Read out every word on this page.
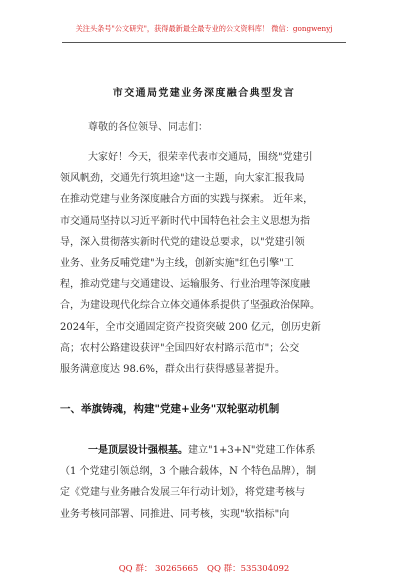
关注头条号"公文研究"，获得最新最全最专业的公文资料库！ 微信：gongwenyj
市交通局党建业务深度融合典型发言
尊敬的各位领导、同志们：
大家好！今天，很荣幸代表市交通局，围绕"党建引
领风帆劲，交通先行筑坦途"这一主题，向大家汇报我局
在推动党建与业务深度融合方面的实践与探索。 近年来，
市交通局坚持以习近平新时代中国特色社会主义思想为指
导，深入贯彻落实新时代党的建设总要求，以"党建引领
业务、业务反哺党建"为主线，创新实施"红色引擎"工
程，推动党建与交通建设、运输服务、行业治理等深度融
合，为建设现代化综合立体交通体系提供了坚强政治保障。
2024年，全市交通固定资产投资突破 200 亿元，创历史新
高；农村公路建设获评"全国四好农村路示范市"；公交
服务满意度达 98.6%，群众出行获得感显著提升。
一、举旗铸魂，构建"党建+业务"双轮驱动机制
一是顶层设计强根基。建立"1+3+N"党建工作体系
（1 个党建引领总纲，3 个融合载体，N 个特色品牌），制
定《党建与业务融合发展三年行动计划》，将党建考核与
业务考核同部署、同推进、同考核，实现"软指标"向
QQ 群： 30265665 QQ 群：535304092
